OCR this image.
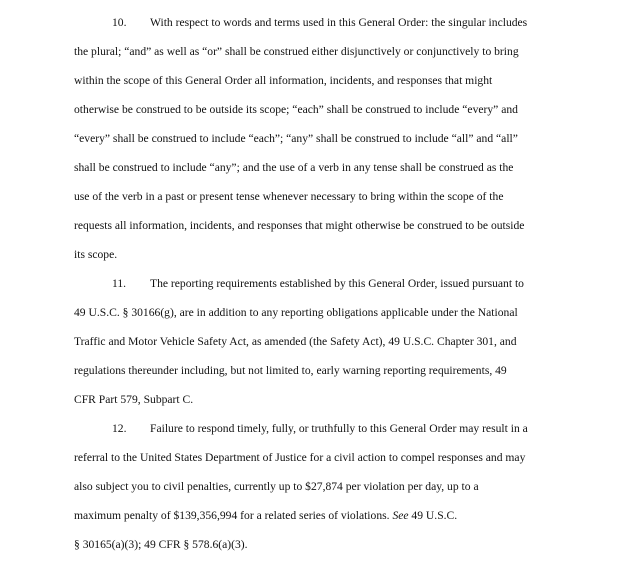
10. With respect to words and terms used in this General Order: the singular includes
the plural; “and” as well as “or” shall be construed either disjunctively or conjunctively to bring
within the scope of this General Order all information, incidents, and responses that might
otherwise be construed to be outside its scope; “each” shall be construed to include “every” and
“every” shall be construed to include “each”; “any” shall be construed to include “all” and “all”
shall be construed to include “any”; and the use of a verb in any tense shall be construed as the
use of the verb in a past or present tense whenever necessary to bring within the scope of the
requests all information, incidents, and responses that might otherwise be construed to be outside
its scope.
11. The reporting requirements established by this General Order, issued pursuant to
49 U.S.C. § 30166(g), are in addition to any reporting obligations applicable under the National
Traffic and Motor Vehicle Safety Act, as amended (the Safety Act), 49 U.S.C. Chapter 301, and
regulations thereunder including, but not limited to, early warning reporting requirements, 49
CFR Part 579, Subpart C.
12. Failure to respond timely, fully, or truthfully to this General Order may result in a
referral to the United States Department of Justice for a civil action to compel responses and may
also subject you to civil penalties, currently up to $27,874 per violation per day, up to a
maximum penalty of $139,356,994 for a related series of violations. See 49 U.S.C.
§ 30165(a)(3); 49 CFR § 578.6(a)(3).
